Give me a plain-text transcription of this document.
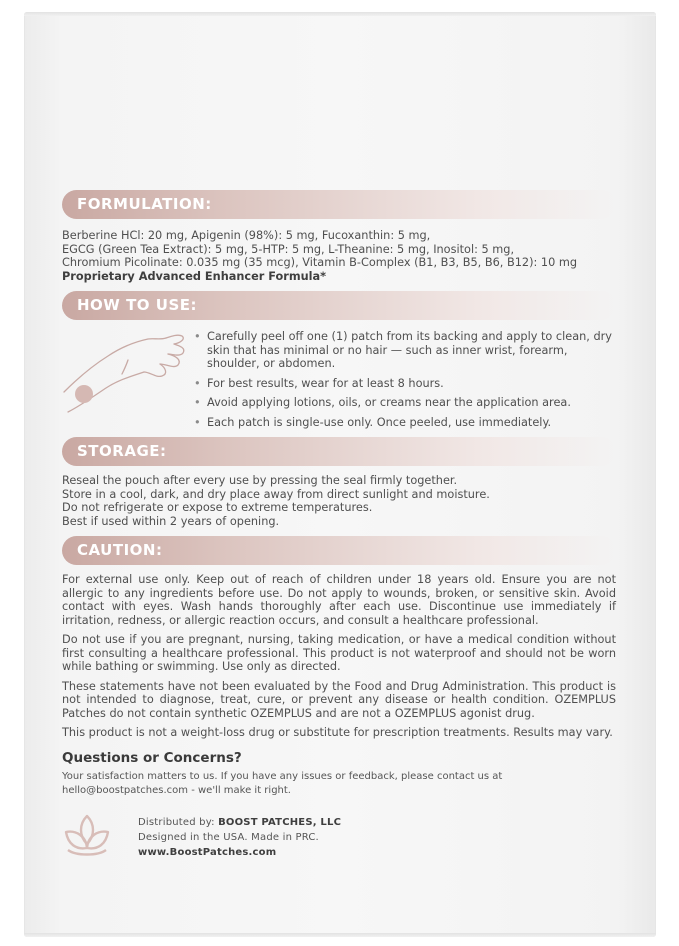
FORMULATION:
Berberine HCl: 20 mg, Apigenin (98%): 5 mg, Fucoxanthin: 5 mg,
EGCG (Green Tea Extract): 5 mg, 5-HTP: 5 mg, L-Theanine: 5 mg, Inositol: 5 mg,
Chromium Picolinate: 0.035 mg (35 mcg), Vitamin B-Complex (B1, B3, B5, B6, B12): 10 mg
Proprietary Advanced Enhancer Formula*
HOW TO USE:
• Carefully peel off one (1) patch from its backing and apply to clean, dry skin that has minimal or no hair — such as inner wrist, forearm, shoulder, or abdomen.
• For best results, wear for at least 8 hours.
• Avoid applying lotions, oils, or creams near the application area.
• Each patch is single-use only. Once peeled, use immediately.
STORAGE:
Reseal the pouch after every use by pressing the seal firmly together.
Store in a cool, dark, and dry place away from direct sunlight and moisture.
Do not refrigerate or expose to extreme temperatures.
Best if used within 2 years of opening.
CAUTION:
For external use only. Keep out of reach of children under 18 years old. Ensure you are not allergic to any ingredients before use. Do not apply to wounds, broken, or sensitive skin. Avoid contact with eyes. Wash hands thoroughly after each use. Discontinue use immediately if irritation, redness, or allergic reaction occurs, and consult a healthcare professional.
Do not use if you are pregnant, nursing, taking medication, or have a medical condition without first consulting a healthcare professional. This product is not waterproof and should not be worn while bathing or swimming. Use only as directed.
These statements have not been evaluated by the Food and Drug Administration. This product is not intended to diagnose, treat, cure, or prevent any disease or health condition. OZEMPLUS Patches do not contain synthetic OZEMPLUS and are not a OZEMPLUS agonist drug.
This product is not a weight-loss drug or substitute for prescription treatments. Results may vary.
Questions or Concerns?
Your satisfaction matters to us. If you have any issues or feedback, please contact us at
hello@boostpatches.com - we'll make it right.
Distributed by: BOOST PATCHES, LLC
Designed in the USA. Made in PRC.
www.BoostPatches.com
